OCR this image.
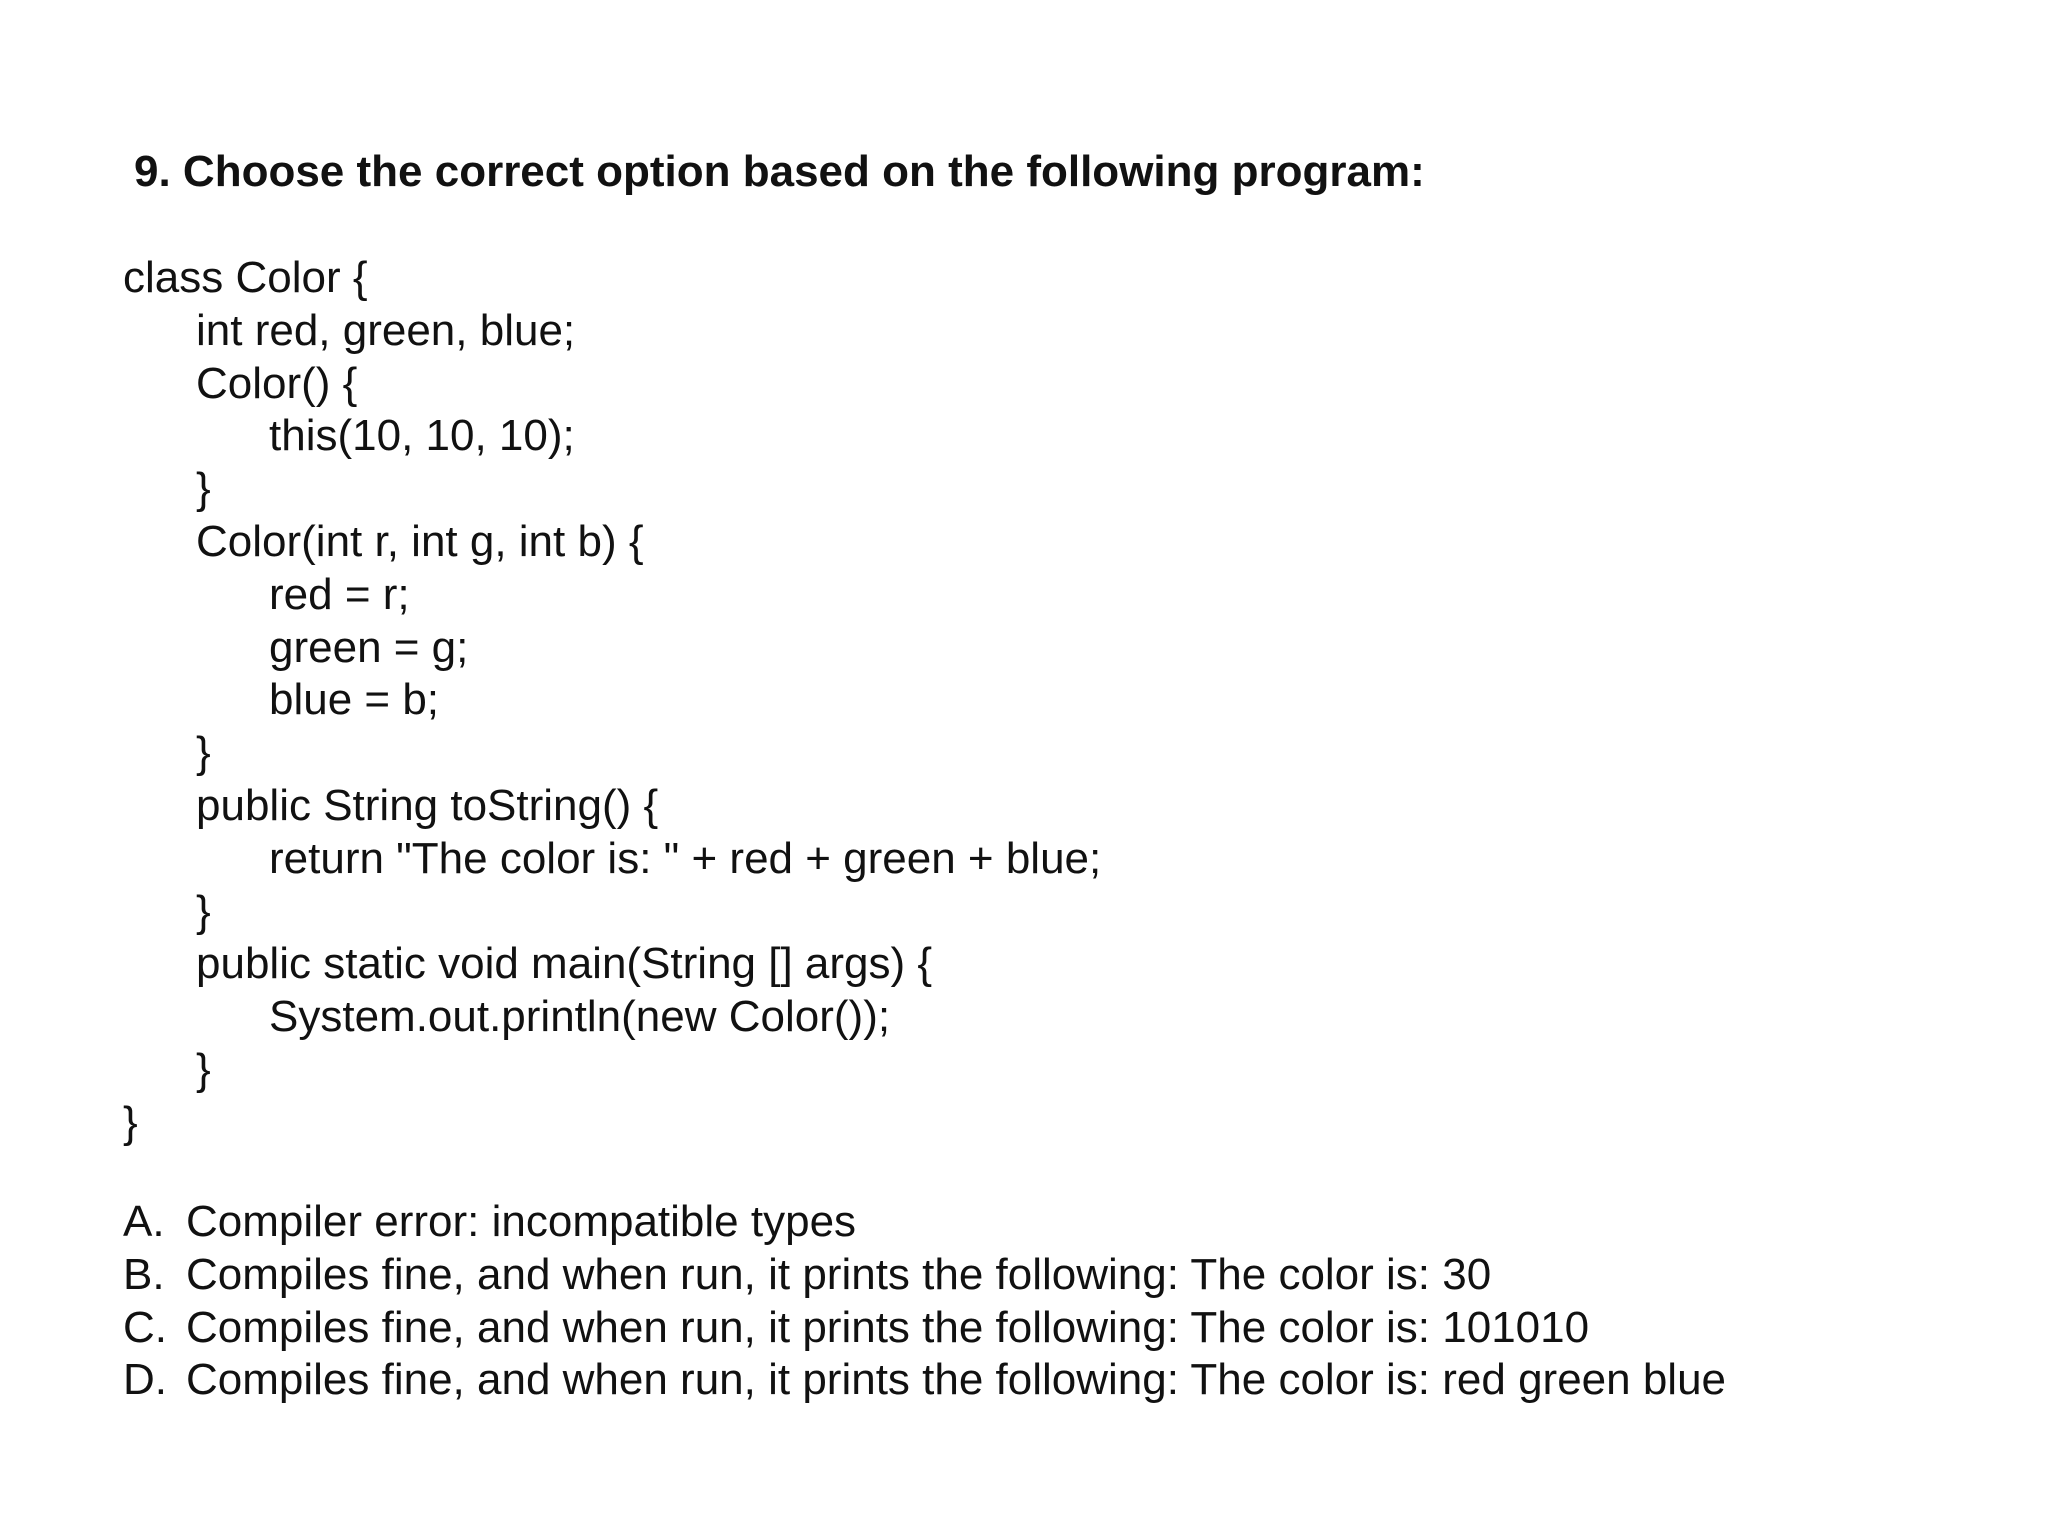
9. Choose the correct option based on the following program:
class Color {
int red, green, blue;
Color() {
this(10, 10, 10);
}
Color(int r, int g, int b) {
red = r;
green = g;
blue = b;
}
public String toString() {
return "The color is: " + red + green + blue;
}
public static void main(String [] args) {
System.out.println(new Color());
}
}
A. Compiler error: incompatible types
B. Compiles fine, and when run, it prints the following: The color is: 30
C. Compiles fine, and when run, it prints the following: The color is: 101010
D. Compiles fine, and when run, it prints the following: The color is: red green blue
